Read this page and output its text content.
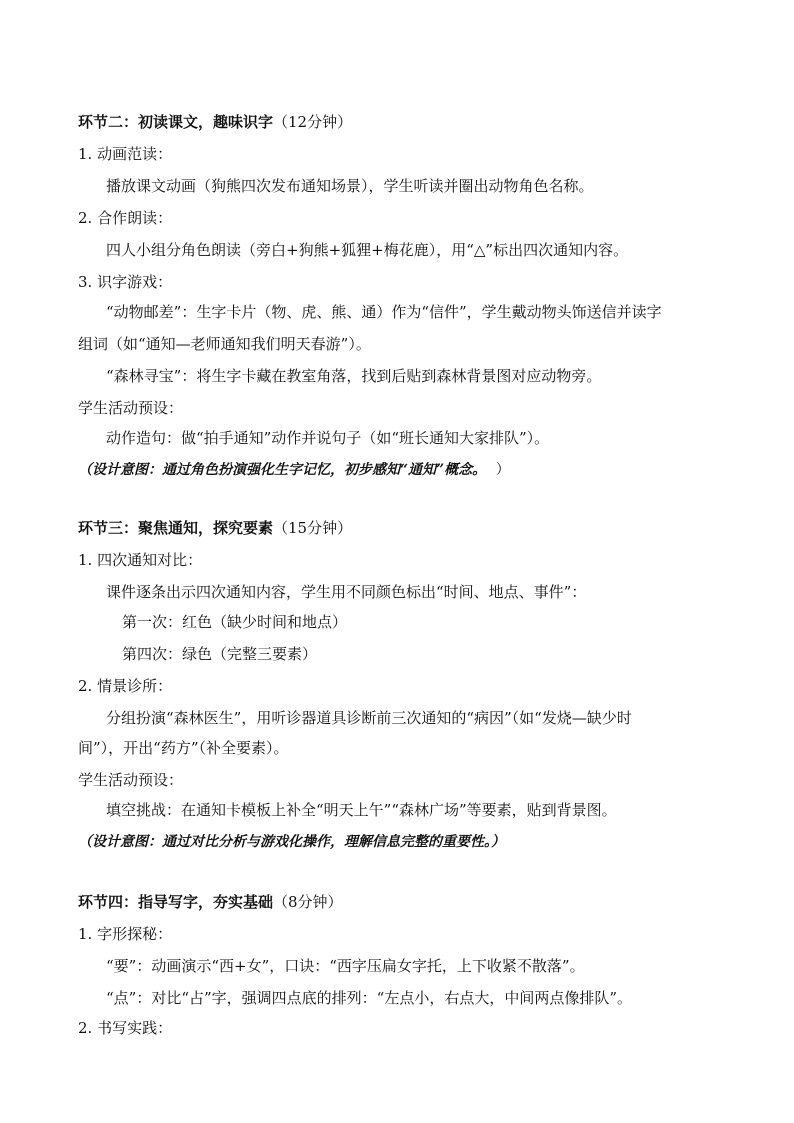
环节二：初读课文，趣味识字（12分钟）
1. 动画范读：
播放课文动画（狗熊四次发布通知场景），学生听读并圈出动物角色名称。
2. 合作朗读：
四人小组分角色朗读（旁白+狗熊+狐狸+梅花鹿），用“△”标出四次通知内容。
3. 识字游戏：
“动物邮差”：生字卡片（物、虎、熊、通）作为“信件”，学生戴动物头饰送信并读字
组词（如“通知—老师通知我们明天春游”）。
“森林寻宝”：将生字卡藏在教室角落，找到后贴到森林背景图对应动物旁。
学生活动预设：
动作造句：做“拍手通知”动作并说句子（如“班长通知大家排队”）。
（设计意图：通过角色扮演强化生字记忆，初步感知“通知”概念。 ）
环节三：聚焦通知，探究要素（15分钟）
1. 四次通知对比：
课件逐条出示四次通知内容，学生用不同颜色标出“时间、地点、事件”：
第一次：红色（缺少时间和地点）
第四次：绿色（完整三要素）
2. 情景诊所：
分组扮演“森林医生”，用听诊器道具诊断前三次通知的“病因”（如“发烧—缺少时
间”），开出“药方”（补全要素）。
学生活动预设：
填空挑战：在通知卡模板上补全“明天上午”“森林广场”等要素，贴到背景图。
（设计意图：通过对比分析与游戏化操作，理解信息完整的重要性。）
环节四：指导写字，夯实基础（8分钟）
1. 字形探秘：
“要”：动画演示“西+女”，口诀：“西字压扁女字托，上下收紧不散落”。
“点”：对比“占”字，强调四点底的排列：“左点小，右点大，中间两点像排队”。
2. 书写实践：
